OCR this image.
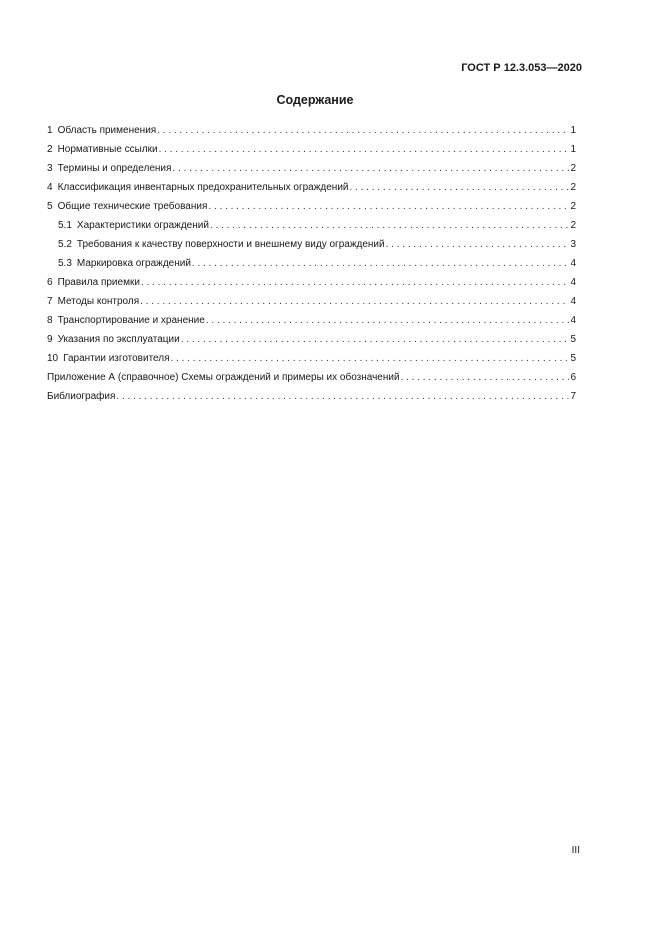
ГОСТ Р 12.3.053—2020
Содержание
1 Область применения . . .	1
2 Нормативные ссылки . . .	1
3 Термины и определения . . .	2
4 Классификация инвентарных предохранительных ограждений . . .	2
5 Общие технические требования . . .	2
5.1 Характеристики ограждений . . .	2
5.2 Требования к качеству поверхности и внешнему виду ограждений . . .	3
5.3 Маркировка ограждений . . .	4
6 Правила приемки . . .	4
7 Методы контроля . . .	4
8 Транспортирование и хранение . . .	4
9 Указания по эксплуатации . . .	5
10 Гарантии изготовителя . . .	5
Приложение А (справочное) Схемы ограждений и примеры их обозначений . . .	6
Библиография . . .	7
III
